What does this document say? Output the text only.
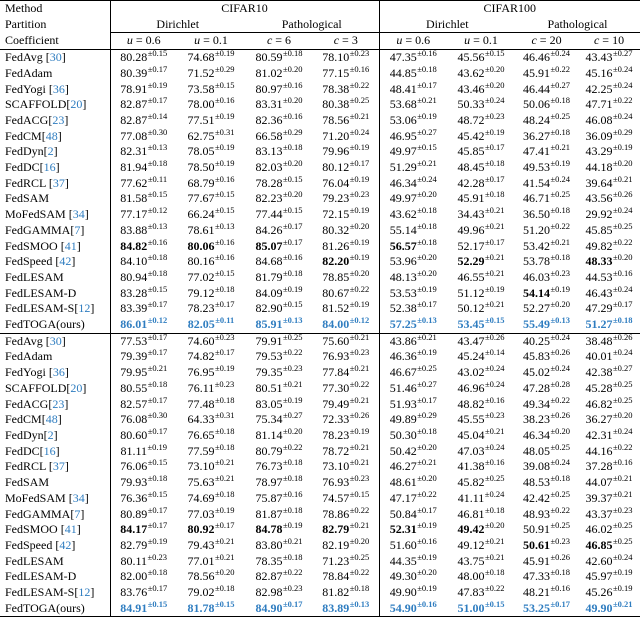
Method	CIFAR10				CIFAR100			
Partition	Dirichlet		Pathological		Dirichlet		Pathological	
Coefficient	u = 0.6	u = 0.1	c = 6	c = 3	u = 0.6	u = 0.1	c = 20	c = 10
FedAvg [30]	$80.28^{\pm 0.15}$	$74.68^{\pm 0.19}$	$80.59^{\pm 0.18}$	$78.10^{\pm 0.23}$	$47.35^{\pm 0.16}$	$45.56^{\pm 0.15}$	$46.46^{\pm 0.24}$	$43.43^{\pm 0.27}$
FedAdam	$80.39^{\pm 0.17}$	$71.52^{\pm 0.29}$	$81.02^{\pm 0.20}$	$77.15^{\pm 0.16}$	$44.85^{\pm 0.18}$	$43.62^{\pm 0.20}$	$45.91^{\pm 0.22}$	$45.16^{\pm 0.24}$
FedYogi [36]	$78.91^{\pm 0.19}$	$73.58^{\pm 0.15}$	$80.97^{\pm 0.16}$	$78.38^{\pm 0.22}$	$48.41^{\pm 0.17}$	$43.46^{\pm 0.20}$	$46.44^{\pm 0.27}$	$42.25^{\pm 0.24}$
SCAFFOLD[20]	$82.87^{\pm 0.17}$	$78.00^{\pm 0.16}$	$83.31^{\pm 0.20}$	$80.38^{\pm 0.25}$	$53.68^{\pm 0.21}$	$50.33^{\pm 0.24}$	$50.06^{\pm 0.18}$	$47.71^{\pm 0.22}$
FedACG[23]	$82.87^{\pm 0.14}$	$77.51^{\pm 0.19}$	$82.36^{\pm 0.16}$	$78.56^{\pm 0.21}$	$53.06^{\pm 0.19}$	$48.72^{\pm 0.23}$	$48.24^{\pm 0.25}$	$46.08^{\pm 0.24}$
FedCM[48]	$77.08^{\pm 0.30}$	$62.75^{\pm 0.31}$	$66.58^{\pm 0.29}$	$71.20^{\pm 0.24}$	$46.95^{\pm 0.27}$	$45.42^{\pm 0.19}$	$36.27^{\pm 0.18}$	$36.09^{\pm 0.29}$
FedDyn[2]	$82.31^{\pm 0.13}$	$78.05^{\pm 0.19}$	$83.13^{\pm 0.18}$	$79.96^{\pm 0.19}$	$49.97^{\pm 0.15}$	$45.85^{\pm 0.17}$	$47.41^{\pm 0.21}$	$43.29^{\pm 0.19}$
FedDC[16]	$81.94^{\pm 0.18}$	$78.50^{\pm 0.19}$	$82.03^{\pm 0.20}$	$80.12^{\pm 0.17}$	$51.29^{\pm 0.21}$	$48.45^{\pm 0.18}$	$49.53^{\pm 0.19}$	$44.18^{\pm 0.20}$
FedRCL [37]	$77.62^{\pm 0.11}$	$68.79^{\pm 0.16}$	$78.28^{\pm 0.15}$	$76.04^{\pm 0.19}$	$46.34^{\pm 0.24}$	$42.28^{\pm 0.17}$	$41.54^{\pm 0.24}$	$39.64^{\pm 0.21}$
FedSAM	$81.58^{\pm 0.15}$	$77.67^{\pm 0.15}$	$82.23^{\pm 0.20}$	$79.23^{\pm 0.23}$	$49.97^{\pm 0.20}$	$45.91^{\pm 0.18}$	$46.71^{\pm 0.25}$	$43.56^{\pm 0.26}$
MoFedSAM [34]	$77.17^{\pm 0.12}$	$66.24^{\pm 0.15}$	$77.44^{\pm 0.15}$	$72.15^{\pm 0.19}$	$43.62^{\pm 0.18}$	$34.43^{\pm 0.21}$	$36.50^{\pm 0.18}$	$29.92^{\pm 0.24}$
FedGAMMA[7]	$83.88^{\pm 0.13}$	$78.61^{\pm 0.13}$	$84.26^{\pm 0.17}$	$80.32^{\pm 0.20}$	$55.14^{\pm 0.18}$	$49.96^{\pm 0.21}$	$51.20^{\pm 0.22}$	$45.85^{\pm 0.25}$
FedSMOO [41]	$84.82^{\pm 0.16}$	$80.06^{\pm 0.16}$	$85.07^{\pm 0.17}$	$81.26^{\pm 0.19}$	$56.57^{\pm 0.18}$	$52.17^{\pm 0.17}$	$53.42^{\pm 0.21}$	$49.82^{\pm 0.22}$
FedSpeed [42]	$84.10^{\pm 0.18}$	$80.16^{\pm 0.16}$	$84.68^{\pm 0.16}$	$82.20^{\pm 0.19}$	$53.96^{\pm 0.20}$	$52.29^{\pm 0.21}$	$53.78^{\pm 0.18}$	$48.33^{\pm 0.20}$
FedLESAM	$80.94^{\pm 0.18}$	$77.02^{\pm 0.15}$	$81.79^{\pm 0.18}$	$78.85^{\pm 0.20}$	$48.13^{\pm 0.20}$	$46.55^{\pm 0.21}$	$46.03^{\pm 0.23}$	$44.53^{\pm 0.16}$
FedLESAM-D	$83.28^{\pm 0.15}$	$79.12^{\pm 0.18}$	$84.09^{\pm 0.19}$	$80.67^{\pm 0.22}$	$53.53^{\pm 0.19}$	$51.12^{\pm 0.19}$	$54.14^{\pm 0.19}$	$46.43^{\pm 0.24}$
FedLESAM-S[12]	$83.39^{\pm 0.17}$	$78.23^{\pm 0.17}$	$82.90^{\pm 0.15}$	$81.52^{\pm 0.19}$	$52.38^{\pm 0.17}$	$50.12^{\pm 0.21}$	$52.27^{\pm 0.20}$	$47.29^{\pm 0.17}$
FedTOGA(ours)	$86.01^{\pm 0.12}$	$82.05^{\pm 0.11}$	$85.91^{\pm 0.13}$	$84.00^{\pm 0.12}$	$57.25^{\pm 0.13}$	$53.45^{\pm 0.15}$	$55.49^{\pm 0.13}$	$51.27^{\pm 0.18}$
FedAvg [30]	$77.53^{\pm 0.17}$	$74.60^{\pm 0.23}$	$79.91^{\pm 0.25}$	$75.60^{\pm 0.21}$	$43.86^{\pm 0.21}$	$43.47^{\pm 0.26}$	$40.25^{\pm 0.24}$	$38.48^{\pm 0.26}$
FedAdam	$79.39^{\pm 0.17}$	$74.82^{\pm 0.17}$	$79.53^{\pm 0.22}$	$76.93^{\pm 0.23}$	$46.36^{\pm 0.19}$	$45.24^{\pm 0.14}$	$45.83^{\pm 0.26}$	$40.01^{\pm 0.24}$
FedYogi [36]	$79.95^{\pm 0.21}$	$76.95^{\pm 0.19}$	$79.35^{\pm 0.23}$	$77.84^{\pm 0.21}$	$46.67^{\pm 0.25}$	$43.02^{\pm 0.24}$	$45.02^{\pm 0.24}$	$42.38^{\pm 0.27}$
SCAFFOLD[20]	$80.55^{\pm 0.18}$	$76.11^{\pm 0.23}$	$80.51^{\pm 0.21}$	$77.30^{\pm 0.22}$	$51.46^{\pm 0.27}$	$46.96^{\pm 0.24}$	$47.28^{\pm 0.28}$	$45.28^{\pm 0.25}$
FedACG[23]	$82.57^{\pm 0.17}$	$77.48^{\pm 0.18}$	$83.05^{\pm 0.19}$	$79.49^{\pm 0.21}$	$51.93^{\pm 0.17}$	$48.82^{\pm 0.16}$	$49.34^{\pm 0.22}$	$46.82^{\pm 0.25}$
FedCM[48]	$76.08^{\pm 0.30}$	$64.33^{\pm 0.31}$	$75.34^{\pm 0.27}$	$72.33^{\pm 0.26}$	$49.89^{\pm 0.29}$	$45.55^{\pm 0.23}$	$38.23^{\pm 0.26}$	$36.27^{\pm 0.20}$
FedDyn[2]	$80.60^{\pm 0.17}$	$76.65^{\pm 0.18}$	$81.14^{\pm 0.20}$	$78.23^{\pm 0.19}$	$50.30^{\pm 0.18}$	$45.04^{\pm 0.21}$	$46.34^{\pm 0.20}$	$42.31^{\pm 0.24}$
FedDC[16]	$81.11^{\pm 0.19}$	$77.59^{\pm 0.18}$	$80.79^{\pm 0.22}$	$78.72^{\pm 0.21}$	$50.42^{\pm 0.20}$	$47.03^{\pm 0.24}$	$48.05^{\pm 0.25}$	$44.16^{\pm 0.22}$
FedRCL [37]	$76.06^{\pm 0.15}$	$73.10^{\pm 0.21}$	$76.73^{\pm 0.18}$	$73.10^{\pm 0.21}$	$46.27^{\pm 0.21}$	$41.38^{\pm 0.16}$	$39.08^{\pm 0.24}$	$37.28^{\pm 0.16}$
FedSAM	$79.93^{\pm 0.18}$	$75.63^{\pm 0.21}$	$78.97^{\pm 0.18}$	$76.93^{\pm 0.23}$	$48.61^{\pm 0.20}$	$45.82^{\pm 0.25}$	$48.53^{\pm 0.18}$	$44.07^{\pm 0.21}$
MoFedSAM [34]	$76.36^{\pm 0.15}$	$74.69^{\pm 0.18}$	$75.87^{\pm 0.16}$	$74.57^{\pm 0.15}$	$47.17^{\pm 0.22}$	$41.11^{\pm 0.24}$	$42.42^{\pm 0.25}$	$39.37^{\pm 0.21}$
FedGAMMA[7]	$80.89^{\pm 0.17}$	$77.03^{\pm 0.19}$	$81.87^{\pm 0.18}$	$78.86^{\pm 0.22}$	$50.84^{\pm 0.17}$	$46.81^{\pm 0.18}$	$48.93^{\pm 0.22}$	$43.37^{\pm 0.23}$
FedSMOO [41]	$84.17^{\pm 0.17}$	$80.92^{\pm 0.17}$	$84.78^{\pm 0.19}$	$82.79^{\pm 0.21}$	$52.31^{\pm 0.19}$	$49.42^{\pm 0.20}$	$50.91^{\pm 0.25}$	$46.02^{\pm 0.25}$
FedSpeed [42]	$82.79^{\pm 0.19}$	$79.43^{\pm 0.21}$	$83.80^{\pm 0.21}$	$82.19^{\pm 0.20}$	$51.60^{\pm 0.16}$	$49.12^{\pm 0.21}$	$50.61^{\pm 0.23}$	$46.85^{\pm 0.25}$
FedLESAM	$80.11^{\pm 0.23}$	$77.01^{\pm 0.21}$	$78.35^{\pm 0.18}$	$71.23^{\pm 0.25}$	$44.35^{\pm 0.19}$	$43.75^{\pm 0.21}$	$45.91^{\pm 0.26}$	$42.60^{\pm 0.24}$
FedLESAM-D	$82.00^{\pm 0.18}$	$78.56^{\pm 0.20}$	$82.87^{\pm 0.22}$	$78.84^{\pm 0.22}$	$49.30^{\pm 0.20}$	$48.00^{\pm 0.18}$	$47.33^{\pm 0.18}$	$45.97^{\pm 0.19}$
FedLESAM-S[12]	$83.76^{\pm 0.17}$	$79.02^{\pm 0.18}$	$82.98^{\pm 0.23}$	$81.82^{\pm 0.18}$	$49.90^{\pm 0.19}$	$47.83^{\pm 0.22}$	$48.21^{\pm 0.16}$	$45.26^{\pm 0.19}$
FedTOGA(ours)	$84.91^{\pm 0.15}$	$81.78^{\pm 0.15}$	$84.90^{\pm 0.17}$	$83.89^{\pm 0.13}$	$54.90^{\pm 0.16}$	$51.00^{\pm 0.15}$	$53.25^{\pm 0.17}$	$49.90^{\pm 0.21}$
